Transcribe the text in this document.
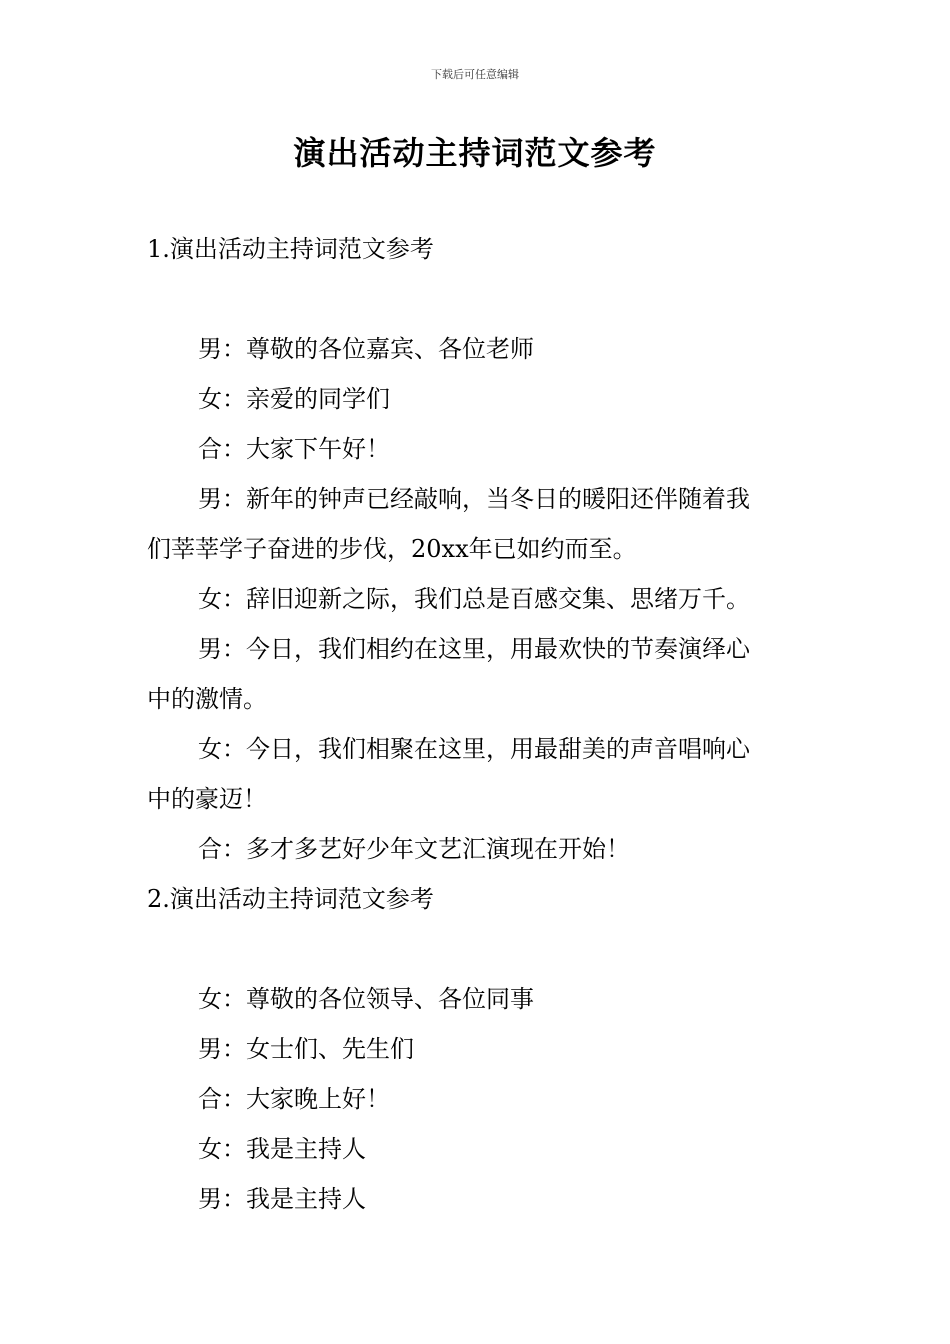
下载后可任意编辑
演出活动主持词范文参考
1.演出活动主持词范文参考
男：尊敬的各位嘉宾、各位老师
女：亲爱的同学们
合：大家下午好！
男：新年的钟声已经敲响，当冬日的暖阳还伴随着我
们莘莘学子奋进的步伐，20xx年已如约而至。
女：辞旧迎新之际，我们总是百感交集、思绪万千。
男：今日，我们相约在这里，用最欢快的节奏演绎心
中的激情。
女：今日，我们相聚在这里，用最甜美的声音唱响心
中的豪迈！
合：多才多艺好少年文艺汇演现在开始！
2.演出活动主持词范文参考
女：尊敬的各位领导、各位同事
男：女士们、先生们
合：大家晚上好！
女：我是主持人
男：我是主持人
